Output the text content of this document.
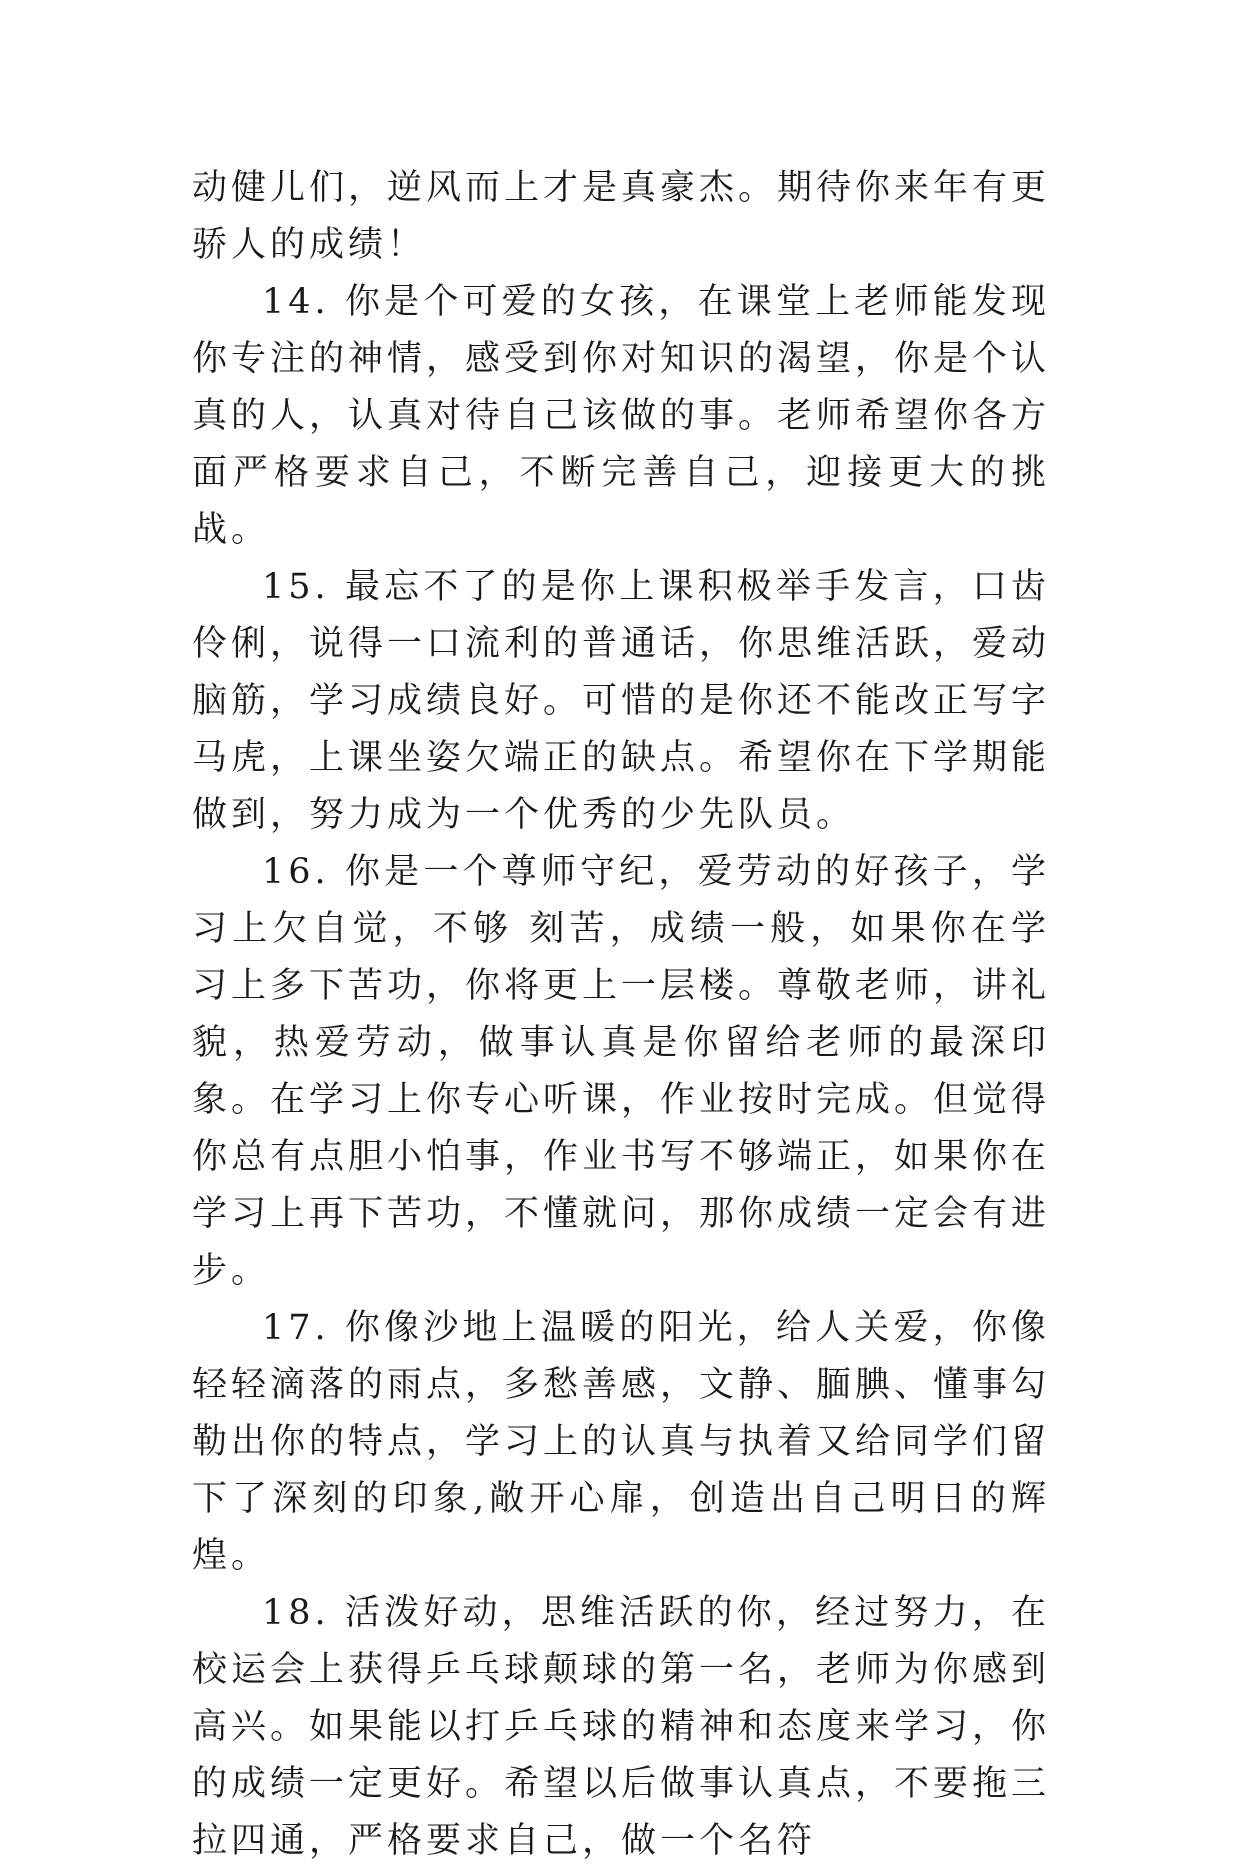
动健儿们，逆风而上才是真豪杰。期待你来年有更骄人的成绩！

14. 你是个可爱的女孩，在课堂上老师能发现你专注的神情，感受到你对知识的渴望，你是个认真的人，认真对待自己该做的事。老师希望你各方面严格要求自己，不断完善自己，迎接更大的挑战。

15. 最忘不了的是你上课积极举手发言，口齿伶俐，说得一口流利的普通话，你思维活跃，爱动脑筋，学习成绩良好。可惜的是你还不能改正写字马虎，上课坐姿欠端正的缺点。希望你在下学期能做到，努力成为一个优秀的少先队员。

16. 你是一个尊师守纪，爱劳动的好孩子，学习上欠自觉，不够 刻苦，成绩一般，如果你在学习上多下苦功，你将更上一层楼。尊敬老师，讲礼貌，热爱劳动，做事认真是你留给老师的最深印象。在学习上你专心听课，作业按时完成。但觉得你总有点胆小怕事，作业书写不够端正，如果你在学习上再下苦功，不懂就问，那你成绩一定会有进步。

17. 你像沙地上温暖的阳光，给人关爱，你像轻轻滴落的雨点，多愁善感，文静、腼腆、懂事勾勒出你的特点，学习上的认真与执着又给同学们留下了深刻的印象,敞开心扉，创造出自己明日的辉煌。

18. 活泼好动，思维活跃的你，经过努力，在校运会上获得乒乓球颠球的第一名，老师为你感到高兴。如果能以打乒乓球的精神和态度来学习，你的成绩一定更好。希望以后做事认真点，不要拖三拉四通，严格要求自己，做一个名符
